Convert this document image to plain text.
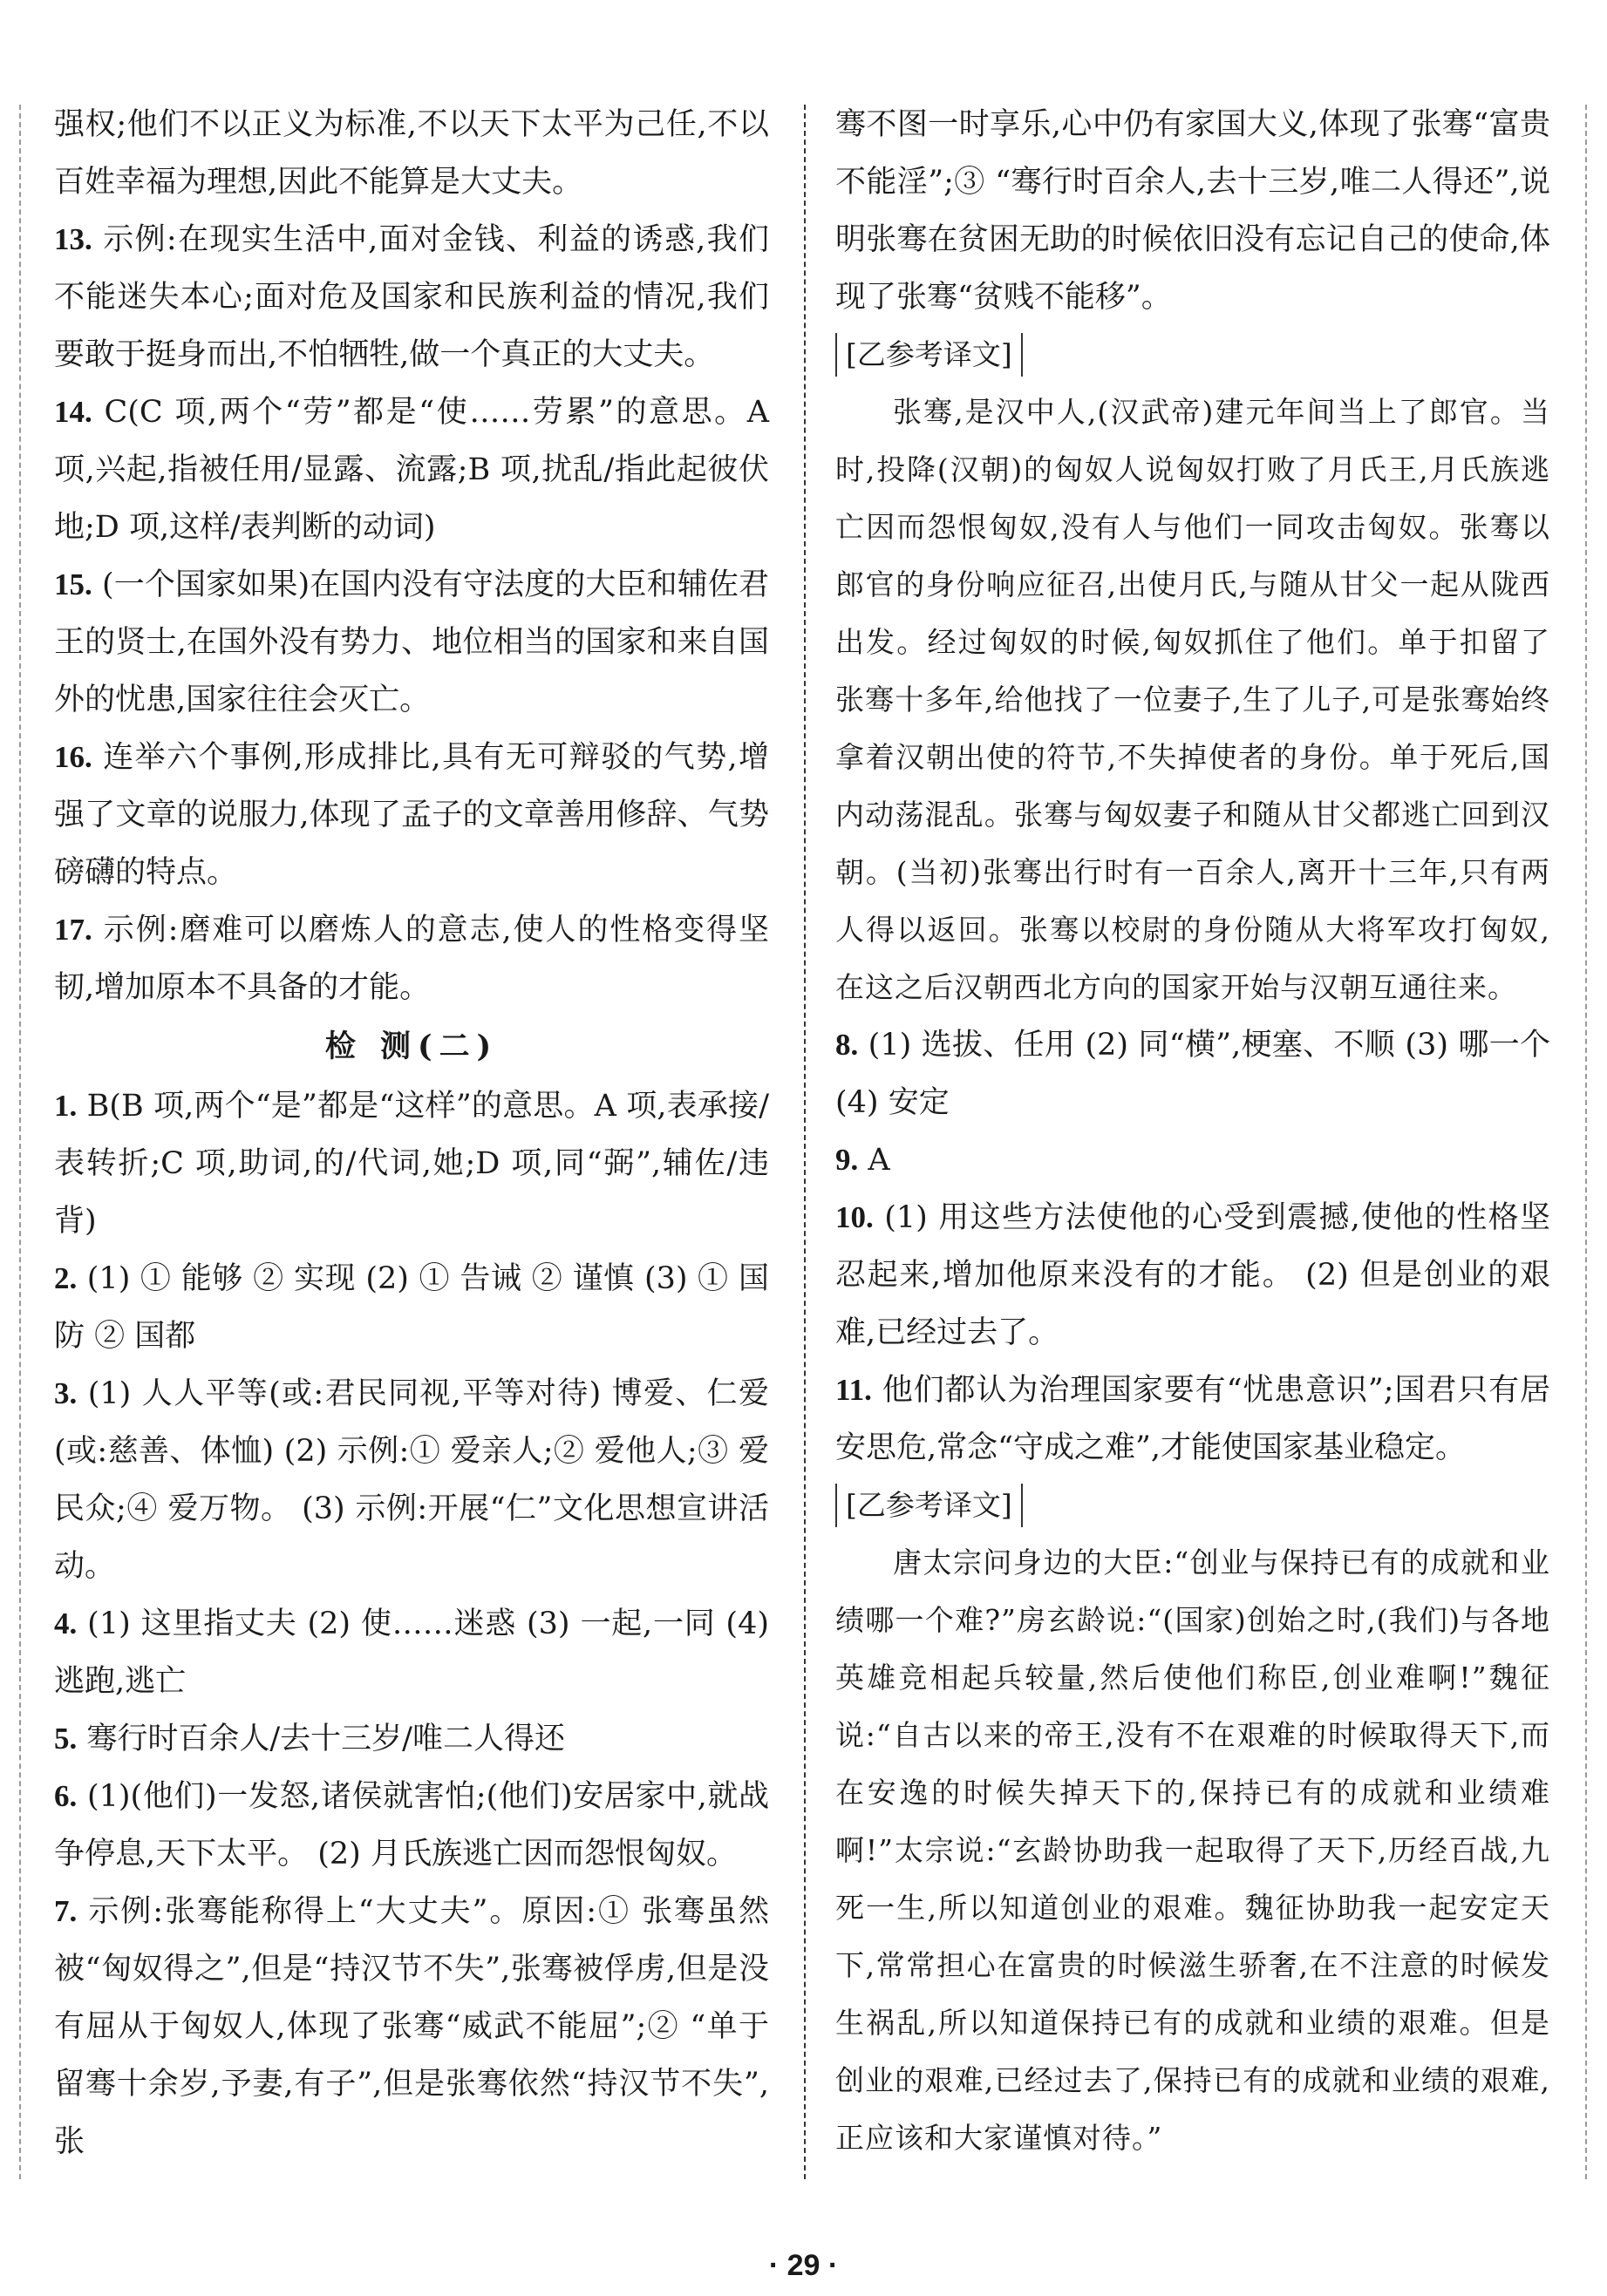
强权;他们不以正义为标准,不以天下太平为己任,不以百姓幸福为理想,因此不能算是大丈夫。

13. 示例:在现实生活中,面对金钱、利益的诱惑,我们不能迷失本心;面对危及国家和民族利益的情况,我们要敢于挺身而出,不怕牺牲,做一个真正的大丈夫。

14. C(C 项,两个“劳”都是“使……劳累”的意思。A 项,兴起,指被任用/显露、流露;B 项,扰乱/指此起彼伏地;D 项,这样/表判断的动词)

15. (一个国家如果)在国内没有守法度的大臣和辅佐君王的贤士,在国外没有势力、地位相当的国家和来自国外的忧患,国家往往会灭亡。

16. 连举六个事例,形成排比,具有无可辩驳的气势,增强了文章的说服力,体现了孟子的文章善用修辞、气势磅礴的特点。

17. 示例:磨难可以磨炼人的意志,使人的性格变得坚韧,增加原本不具备的才能。

检 测(二)

1. B(B 项,两个“是”都是“这样”的意思。A 项,表承接/表转折;C 项,助词,的/代词,她;D 项,同“弼”,辅佐/违背)

2. (1) ① 能够 ② 实现 (2) ① 告诫 ② 谨慎 (3) ① 国防 ② 国都

3. (1) 人人平等(或:君民同视,平等对待) 博爱、仁爱(或:慈善、体恤) (2) 示例:① 爱亲人;② 爱他人;③ 爱民众;④ 爱万物。 (3) 示例:开展“仁”文化思想宣讲活动。

4. (1) 这里指丈夫 (2) 使……迷惑 (3) 一起,一同 (4) 逃跑,逃亡

5. 骞行时百余人/去十三岁/唯二人得还

6. (1)(他们)一发怒,诸侯就害怕;(他们)安居家中,就战争停息,天下太平。 (2) 月氏族逃亡因而怨恨匈奴。

7. 示例:张骞能称得上“大丈夫”。原因:① 张骞虽然被“匈奴得之”,但是“持汉节不失”,张骞被俘虏,但是没有屈从于匈奴人,体现了张骞“威武不能屈”;② “单于留骞十余岁,予妻,有子”,但是张骞依然“持汉节不失”,张

骞不图一时享乐,心中仍有家国大义,体现了张骞“富贵不能淫”;③ “骞行时百余人,去十三岁,唯二人得还”,说明张骞在贫困无助的时候依旧没有忘记自己的使命,体现了张骞“贫贱不能移”。

[乙参考译文]

张骞,是汉中人,(汉武帝)建元年间当上了郎官。当时,投降(汉朝)的匈奴人说匈奴打败了月氏王,月氏族逃亡因而怨恨匈奴,没有人与他们一同攻击匈奴。张骞以郎官的身份响应征召,出使月氏,与随从甘父一起从陇西出发。经过匈奴的时候,匈奴抓住了他们。单于扣留了张骞十多年,给他找了一位妻子,生了儿子,可是张骞始终拿着汉朝出使的符节,不失掉使者的身份。单于死后,国内动荡混乱。张骞与匈奴妻子和随从甘父都逃亡回到汉朝。(当初)张骞出行时有一百余人,离开十三年,只有两人得以返回。张骞以校尉的身份随从大将军攻打匈奴,在这之后汉朝西北方向的国家开始与汉朝互通往来。

8. (1) 选拔、任用 (2) 同“横”,梗塞、不顺 (3) 哪一个 (4) 安定

9. A

10. (1) 用这些方法使他的心受到震撼,使他的性格坚忍起来,增加他原来没有的才能。 (2) 但是创业的艰难,已经过去了。

11. 他们都认为治理国家要有“忧患意识”;国君只有居安思危,常念“守成之难”,才能使国家基业稳定。

[乙参考译文]

唐太宗问身边的大臣:“创业与保持已有的成就和业绩哪一个难?”房玄龄说:“(国家)创始之时,(我们)与各地英雄竞相起兵较量,然后使他们称臣,创业难啊!”魏征说:“自古以来的帝王,没有不在艰难的时候取得天下,而在安逸的时候失掉天下的,保持已有的成就和业绩难啊!”太宗说:“玄龄协助我一起取得了天下,历经百战,九死一生,所以知道创业的艰难。魏征协助我一起安定天下,常常担心在富贵的时候滋生骄奢,在不注意的时候发生祸乱,所以知道保持已有的成就和业绩的艰难。但是创业的艰难,已经过去了,保持已有的成就和业绩的艰难,正应该和大家谨慎对待。”

· 29 ·
